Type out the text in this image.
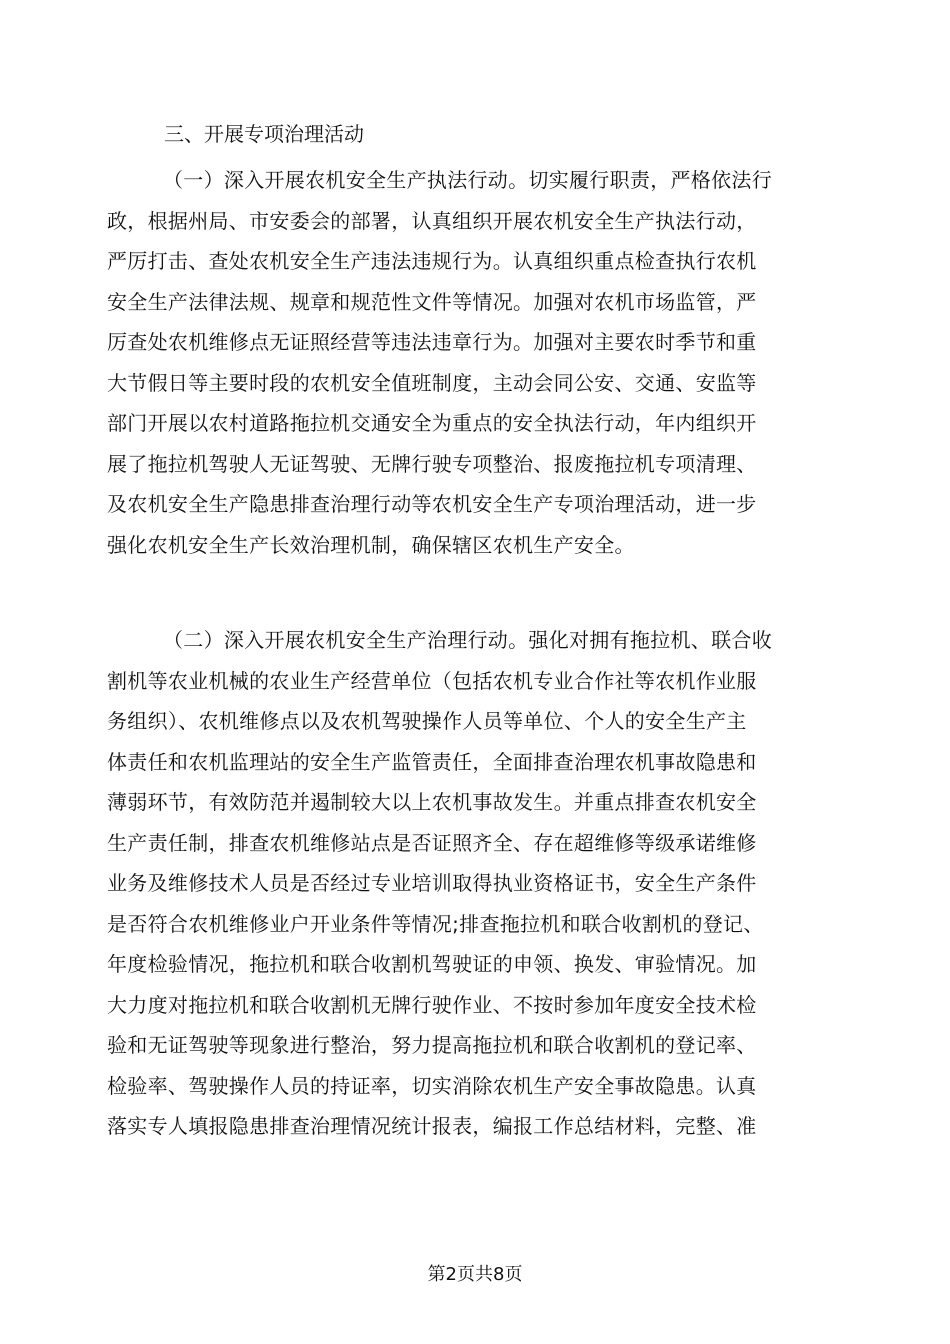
三、开展专项治理活动

（一）深入开展农机安全生产执法行动。切实履行职责，严格依法行
政，根据州局、市安委会的部署，认真组织开展农机安全生产执法行动，
严厉打击、查处农机安全生产违法违规行为。认真组织重点检查执行农机
安全生产法律法规、规章和规范性文件等情况。加强对农机市场监管，严
厉查处农机维修点无证照经营等违法违章行为。加强对主要农时季节和重
大节假日等主要时段的农机安全值班制度，主动会同公安、交通、安监等
部门开展以农村道路拖拉机交通安全为重点的安全执法行动，年内组织开
展了拖拉机驾驶人无证驾驶、无牌行驶专项整治、报废拖拉机专项清理、
及农机安全生产隐患排查治理行动等农机安全生产专项治理活动，进一步
强化农机安全生产长效治理机制，确保辖区农机生产安全。

（二）深入开展农机安全生产治理行动。强化对拥有拖拉机、联合收
割机等农业机械的农业生产经营单位（包括农机专业合作社等农机作业服
务组织）、农机维修点以及农机驾驶操作人员等单位、个人的安全生产主
体责任和农机监理站的安全生产监管责任，全面排查治理农机事故隐患和
薄弱环节，有效防范并遏制较大以上农机事故发生。并重点排查农机安全
生产责任制，排查农机维修站点是否证照齐全、存在超维修等级承诺维修
业务及维修技术人员是否经过专业培训取得执业资格证书，安全生产条件
是否符合农机维修业户开业条件等情况;排查拖拉机和联合收割机的登记、
年度检验情况，拖拉机和联合收割机驾驶证的申领、换发、审验情况。加
大力度对拖拉机和联合收割机无牌行驶作业、不按时参加年度安全技术检
验和无证驾驶等现象进行整治，努力提高拖拉机和联合收割机的登记率、
检验率、驾驶操作人员的持证率，切实消除农机生产安全事故隐患。认真
落实专人填报隐患排查治理情况统计报表，编报工作总结材料，完整、准

第2页共8页
